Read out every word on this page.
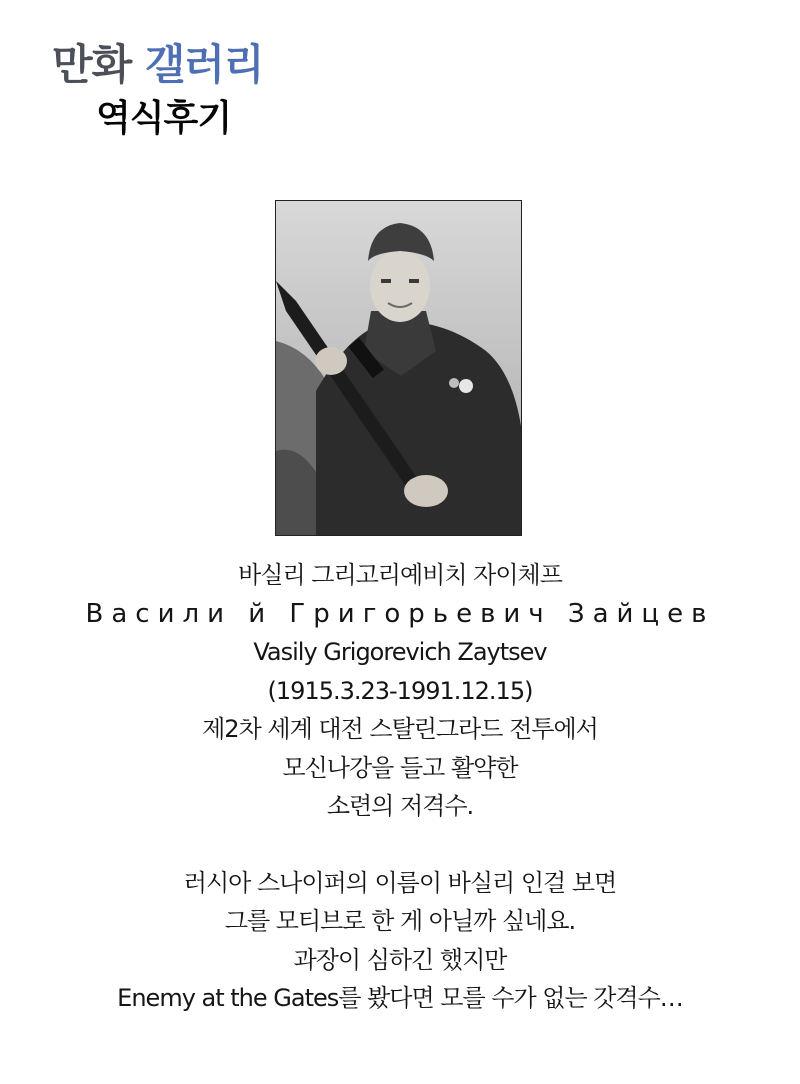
만화 갤러리
역식후기
바실리 그리고리예비치 자이체프
Васили й Григорьевич Зайцев
Vasily Grigorevich Zaytsev
(1915.3.23-1991.12.15)
제2차 세계 대전 스탈린그라드 전투에서
모신나강을 들고 활약한
소련의 저격수.
러시아 스나이퍼의 이름이 바실리 인걸 보면
그를 모티브로 한 게 아닐까 싶네요.
과장이 심하긴 했지만
Enemy at the Gates를 봤다면 모를 수가 없는 갓격수…
